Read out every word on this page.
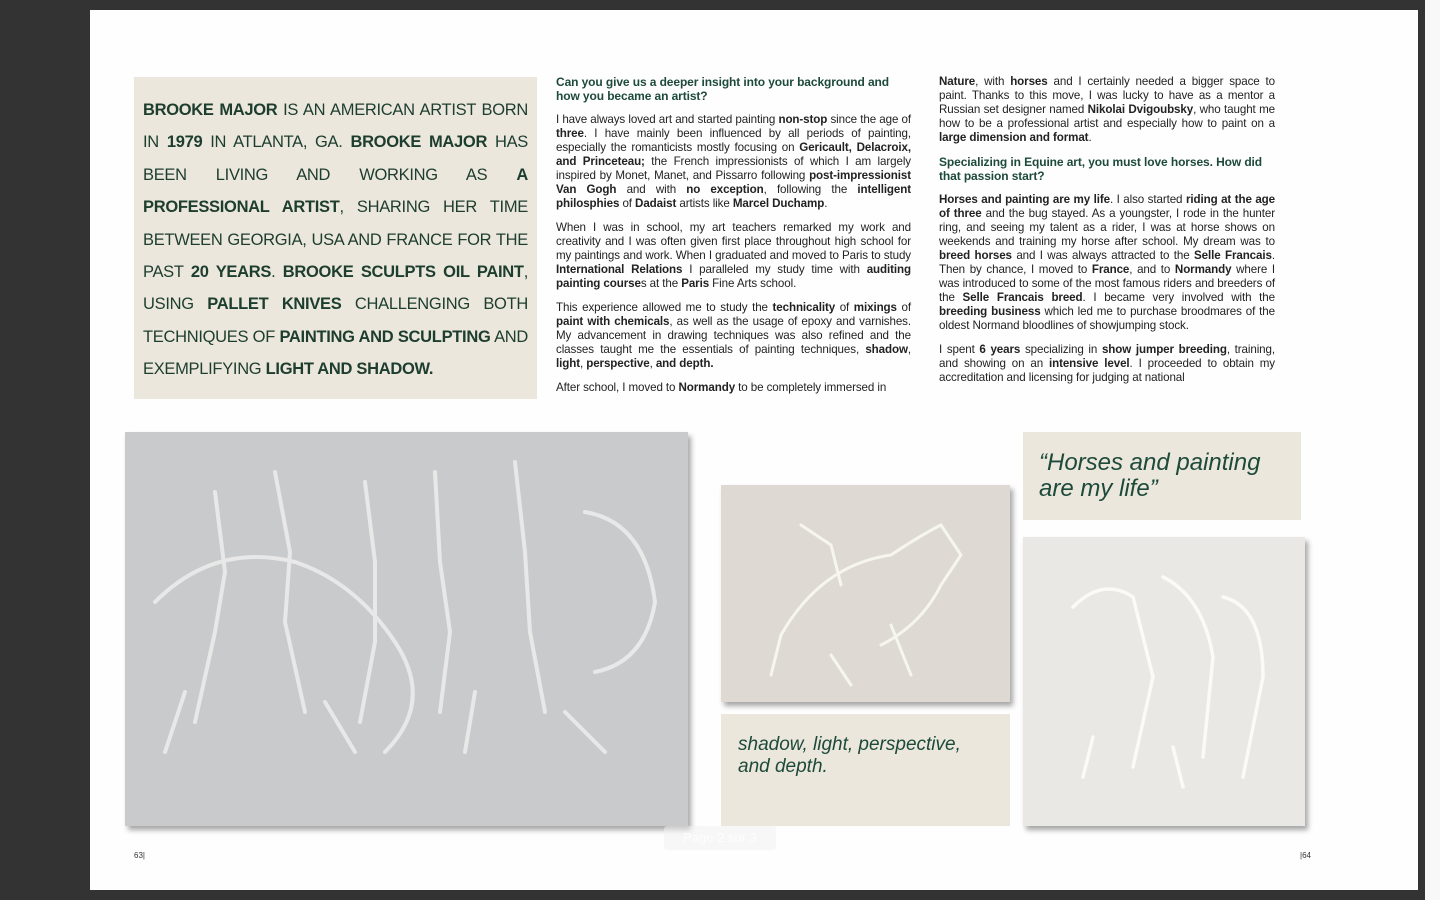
BROOKE MAJOR IS AN AMERICAN ARTIST BORN IN 1979 IN ATLANTA, GA. BROOKE MAJOR HAS BEEN LIVING AND WORKING AS A PROFESSIONAL ARTIST, SHARING HER TIME BETWEEN GEORGIA, USA AND FRANCE FOR THE PAST 20 YEARS. BROOKE SCULPTS OIL PAINT, USING PALLET KNIVES CHALLENGING BOTH TECHNIQUES OF PAINTING AND SCULPTING AND EXEMPLIFYING LIGHT AND SHADOW.
Can you give us a deeper insight into your background and how you became an artist?

I have always loved art and started painting non-stop since the age of three. I have mainly been influenced by all periods of painting, especially the romanticists mostly focusing on Gericault, Delacroix, and Princeteau; the French impressionists of which I am largely inspired by Monet, Manet, and Pissarro following post-impressionist Van Gogh and with no exception, following the intelligent philosphies of Dadaist artists like Marcel Duchamp.

When I was in school, my art teachers remarked my work and creativity and I was often given first place throughout high school for my paintings and work. When I graduated and moved to Paris to study International Relations I paralleled my study time with auditing painting courses at the Paris Fine Arts school.

This experience allowed me to study the technicality of mixings of paint with chemicals, as well as the usage of epoxy and varnishes. My advancement in drawing techniques was also refined and the classes taught me the essentials of painting techniques, shadow, light, perspective, and depth.

After school, I moved to Normandy to be completely immersed in

Nature, with horses and I certainly needed a bigger space to paint. Thanks to this move, I was lucky to have as a mentor a Russian set designer named Nikolai Dvigoubsky, who taught me how to be a professional artist and especially how to paint on a large dimension and format.

Specializing in Equine art, you must love horses. How did that passion start?

Horses and painting are my life. I also started riding at the age of three and the bug stayed. As a youngster, I rode in the hunter ring, and seeing my talent as a rider, I was at horse shows on weekends and training my horse after school. My dream was to breed horses and I was always attracted to the Selle Francais. Then by chance, I moved to France, and to Normandy where I was introduced to some of the most famous riders and breeders of the Selle Francais breed. I became very involved with the breeding business which led me to purchase broodmares of the oldest Normand bloodlines of showjumping stock.

I spent 6 years specializing in show jumper breeding, training, and showing on an intensive level. I proceeded to obtain my accreditation and licensing for judging at national

“Horses and painting are my life”
shadow, light, perspective, and depth.
63|	|64
Page 2 sur 3
